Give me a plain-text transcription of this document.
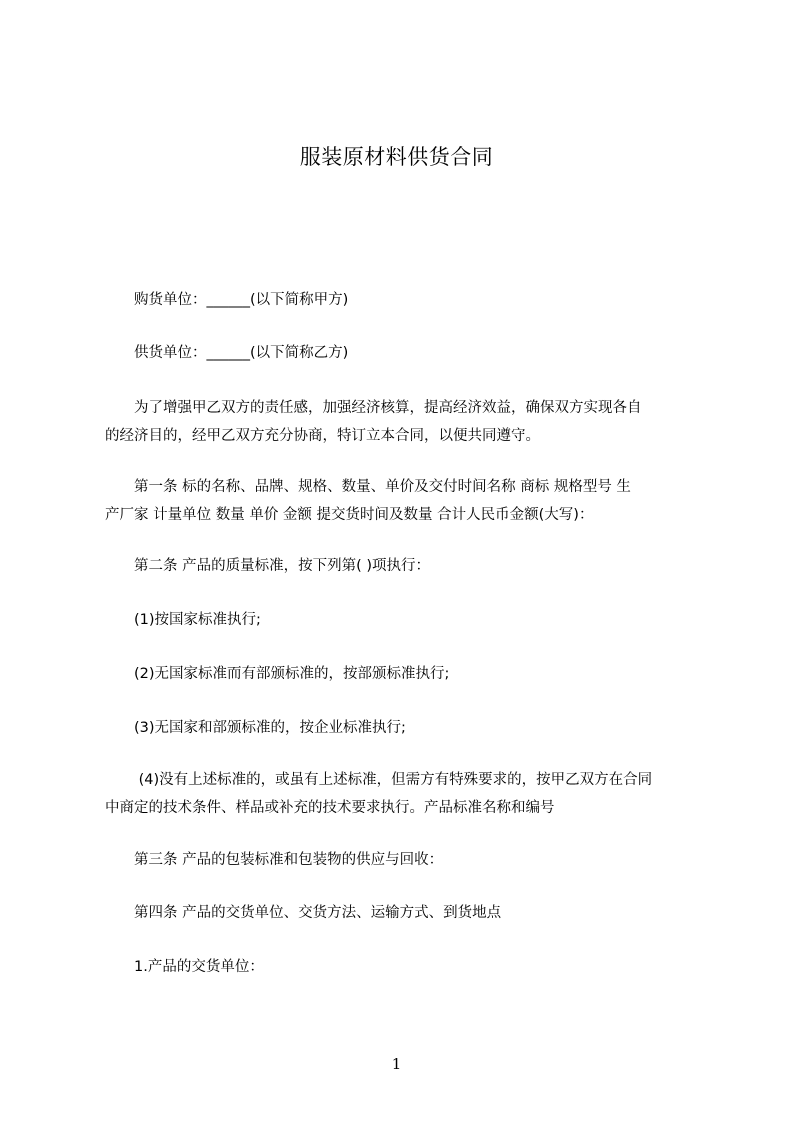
服装原材料供货合同
　　购货单位：______(以下简称甲方)
　　供货单位：______(以下简称乙方)
　　为了增强甲乙双方的责任感，加强经济核算，提高经济效益，确保双方实现各自
的经济目的，经甲乙双方充分协商，特订立本合同，以便共同遵守。
　　第一条 标的名称、品牌、规格、数量、单价及交付时间名称 商标 规格型号 生
产厂家 计量单位 数量 单价 金额 提交货时间及数量 合计人民币金额(大写)：
　　第二条 产品的质量标准，按下列第( )项执行：
　　(1)按国家标准执行;
　　(2)无国家标准而有部颁标准的，按部颁标准执行;
　　(3)无国家和部颁标准的，按企业标准执行;
　　 (4)没有上述标准的，或虽有上述标准，但需方有特殊要求的，按甲乙双方在合同
中商定的技术条件、样品或补充的技术要求执行。产品标准名称和编号
　　第三条 产品的包装标准和包装物的供应与回收：
　　第四条 产品的交货单位、交货方法、运输方式、到货地点
　　1.产品的交货单位：
1
